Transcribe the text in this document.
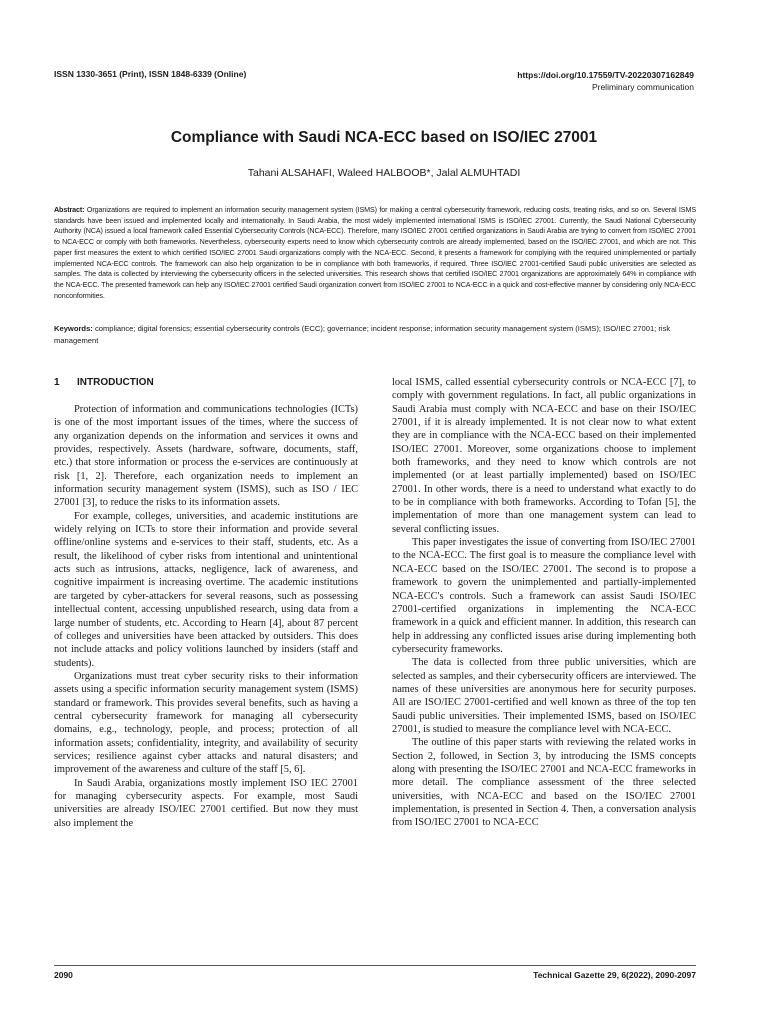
ISSN 1330-3651 (Print), ISSN 1848-6339 (Online)	https://doi.org/10.17559/TV-20220307162849
Preliminary communication
Compliance with Saudi NCA-ECC based on ISO/IEC 27001
Tahani ALSAHAFI, Waleed HALBOOB*, Jalal ALMUHTADI

Abstract: Organizations are required to implement an information security management system (ISMS) for making a central cybersecurity framework, reducing costs, treating risks, and so on. Several ISMS standards have been issued and implemented locally and internationally. In Saudi Arabia, the most widely implemented international ISMS is ISO/IEC 27001. Currently, the Saudi National Cybersecurity Authority (NCA) issued a local framework called Essential Cybersecurity Controls (NCA-ECC). Therefore, many ISO/IEC 27001 certified organizations in Saudi Arabia are trying to convert from ISO/IEC 27001 to NCA-ECC or comply with both frameworks. Nevertheless, cybersecurity experts need to know which cybersecurity controls are already implemented, based on the ISO/IEC 27001, and which are not. This paper first measures the extent to which certified ISO/IEC 27001 Saudi organizations comply with the NCA-ECC. Second, it presents a framework for complying with the required unimplemented or partially implemented NCA-ECC controls. The framework can also help organization to be in compliance with both frameworks, if required. Three ISO/IEC 27001-certified Saudi public universities are selected as samples. The data is collected by interviewing the cybersecurity officers in the selected universities. This research shows that certified ISO/IEC 27001 organizations are approximately 64% in compliance with the NCA-ECC. The presented framework can help any ISO/IEC 27001 certified Saudi organization convert from ISO/IEC 27001 to NCA-ECC in a quick and cost-effective manner by considering only NCA-ECC nonconformities.

Keywords: compliance; digital forensics; essential cybersecurity controls (ECC); governance; incident response; information security management system (ISMS); ISO/IEC 27001; risk management

1 INTRODUCTION

Protection of information and communications technologies (ICTs) is one of the most important issues of the times, where the success of any organization depends on the information and services it owns and provides, respectively. Assets (hardware, software, documents, staff, etc.) that store information or process the e-services are continuously at risk [1, 2]. Therefore, each organization needs to implement an information security management system (ISMS), such as ISO / IEC 27001 [3], to reduce the risks to its information assets.

For example, colleges, universities, and academic institutions are widely relying on ICTs to store their information and provide several offline/online systems and e-services to their staff, students, etc. As a result, the likelihood of cyber risks from intentional and unintentional acts such as intrusions, attacks, negligence, lack of awareness, and cognitive impairment is increasing overtime. The academic institutions are targeted by cyber-attackers for several reasons, such as possessing intellectual content, accessing unpublished research, using data from a large number of students, etc. According to Hearn [4], about 87 percent of colleges and universities have been attacked by outsiders. This does not include attacks and policy volitions launched by insiders (staff and students).

Organizations must treat cyber security risks to their information assets using a specific information security management system (ISMS) standard or framework. This provides several benefits, such as having a central cybersecurity framework for managing all cybersecurity domains, e.g., technology, people, and process; protection of all information assets; confidentiality, integrity, and availability of security services; resilience against cyber attacks and natural disasters; and improvement of the awareness and culture of the staff [5, 6].

In Saudi Arabia, organizations mostly implement ISO IEC 27001 for managing cybersecurity aspects. For example, most Saudi universities are already ISO/IEC 27001 certified. But now they must also implement the

local ISMS, called essential cybersecurity controls or NCA-ECC [7], to comply with government regulations. In fact, all public organizations in Saudi Arabia must comply with NCA-ECC and base on their ISO/IEC 27001, if it is already implemented. It is not clear now to what extent they are in compliance with the NCA-ECC based on their implemented ISO/IEC 27001. Moreover, some organizations choose to implement both frameworks, and they need to know which controls are not implemented (or at least partially implemented) based on ISO/IEC 27001. In other words, there is a need to understand what exactly to do to be in compliance with both frameworks. According to Tofan [5], the implementation of more than one management system can lead to several conflicting issues.

This paper investigates the issue of converting from ISO/IEC 27001 to the NCA-ECC. The first goal is to measure the compliance level with NCA-ECC based on the ISO/IEC 27001. The second is to propose a framework to govern the unimplemented and partially-implemented NCA-ECC's controls. Such a framework can assist Saudi ISO/IEC 27001-certified organizations in implementing the NCA-ECC framework in a quick and efficient manner. In addition, this research can help in addressing any conflicted issues arise during implementing both cybersecurity frameworks.

The data is collected from three public universities, which are selected as samples, and their cybersecurity officers are interviewed. The names of these universities are anonymous here for security purposes. All are ISO/IEC 27001-certified and well known as three of the top ten Saudi public universities. Their implemented ISMS, based on ISO/IEC 27001, is studied to measure the compliance level with NCA-ECC.

The outline of this paper starts with reviewing the related works in Section 2, followed, in Section 3, by introducing the ISMS concepts along with presenting the ISO/IEC 27001 and NCA-ECC frameworks in more detail. The compliance assessment of the three selected universities, with NCA-ECC and based on the ISO/IEC 27001 implementation, is presented in Section 4. Then, a conversation analysis from ISO/IEC 27001 to NCA-ECC

2090	Technical Gazette 29, 6(2022), 2090-2097
